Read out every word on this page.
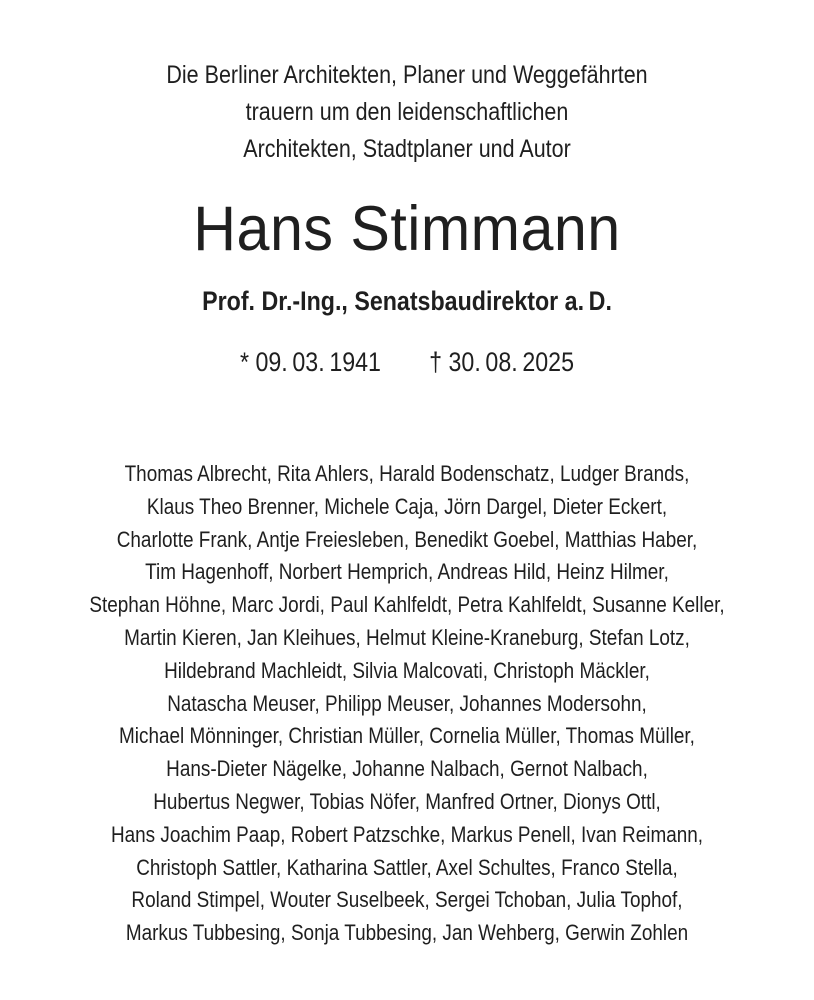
Die Berliner Architekten, Planer und Weggefährten
trauern um den leidenschaftlichen
Architekten, Stadtplaner und Autor
Hans Stimmann
Prof. Dr.-Ing., Senatsbaudirektor a. D.
* 09. 03. 1941 † 30. 08. 2025
Thomas Albrecht, Rita Ahlers, Harald Bodenschatz, Ludger Brands,
Klaus Theo Brenner, Michele Caja, Jörn Dargel, Dieter Eckert,
Charlotte Frank, Antje Freiesleben, Benedikt Goebel, Matthias Haber,
Tim Hagenhoff, Norbert Hemprich, Andreas Hild, Heinz Hilmer,
Stephan Höhne, Marc Jordi, Paul Kahlfeldt, Petra Kahlfeldt, Susanne Keller,
Martin Kieren, Jan Kleihues, Helmut Kleine-Kraneburg, Stefan Lotz,
Hildebrand Machleidt, Silvia Malcovati, Christoph Mäckler,
Natascha Meuser, Philipp Meuser, Johannes Modersohn,
Michael Mönninger, Christian Müller, Cornelia Müller, Thomas Müller,
Hans-Dieter Nägelke, Johanne Nalbach, Gernot Nalbach,
Hubertus Negwer, Tobias Nöfer, Manfred Ortner, Dionys Ottl,
Hans Joachim Paap, Robert Patzschke, Markus Penell, Ivan Reimann,
Christoph Sattler, Katharina Sattler, Axel Schultes, Franco Stella,
Roland Stimpel, Wouter Suselbeek, Sergei Tchoban, Julia Tophof,
Markus Tubbesing, Sonja Tubbesing, Jan Wehberg, Gerwin Zohlen
